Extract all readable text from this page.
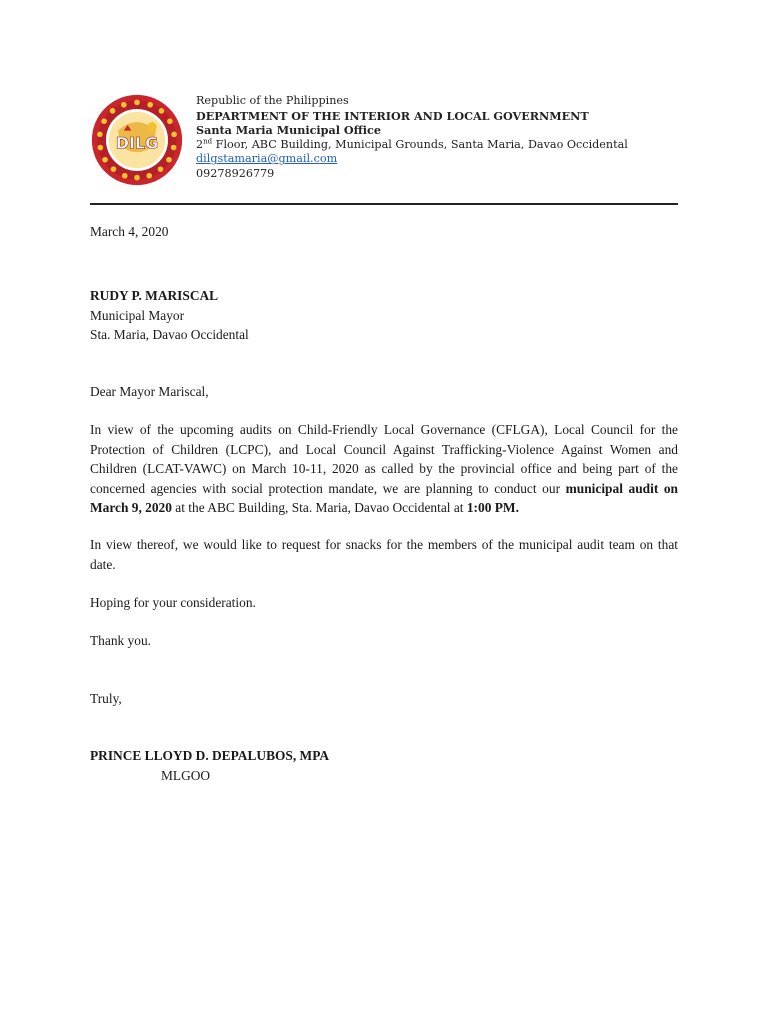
DILG
Republic of the Philippines
DEPARTMENT OF THE INTERIOR AND LOCAL GOVERNMENT
Santa Maria Municipal Office
2nd Floor, ABC Building, Municipal Grounds, Santa Maria, Davao Occidental
dilgstamaria@gmail.com
09278926779
March 4, 2020
RUDY P. MARISCAL
Municipal Mayor
Sta. Maria, Davao Occidental
Dear Mayor Mariscal,
In view of the upcoming audits on Child-Friendly Local Governance (CFLGA), Local Council for the Protection of Children (LCPC), and Local Council Against Trafficking-Violence Against Women and Children (LCAT-VAWC) on March 10-11, 2020 as called by the provincial office and being part of the concerned agencies with social protection mandate, we are planning to conduct our municipal audit on March 9, 2020 at the ABC Building, Sta. Maria, Davao Occidental at 1:00 PM.
In view thereof, we would like to request for snacks for the members of the municipal audit team on that date.
Hoping for your consideration.
Thank you.
Truly,
PRINCE LLOYD D. DEPALUBOS, MPA
MLGOO
